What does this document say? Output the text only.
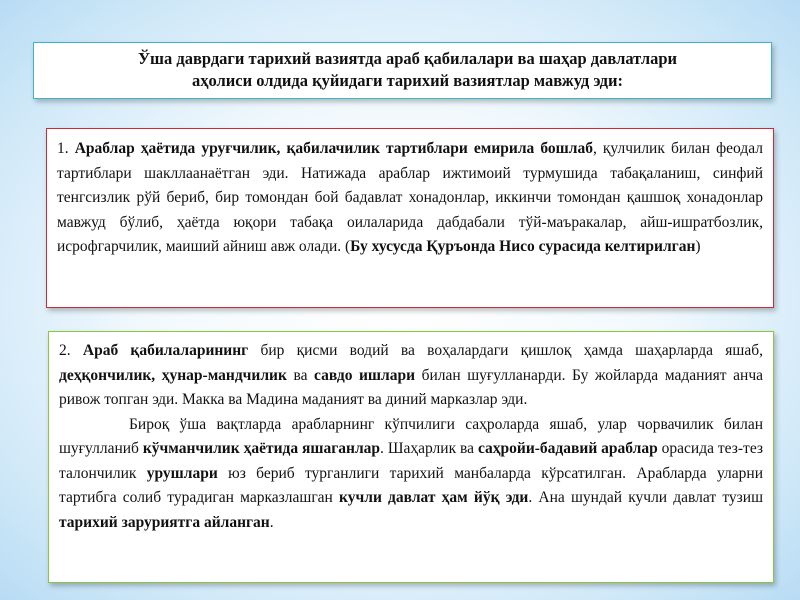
Ўша даврдаги тарихий вазиятда араб қабилалари ва шаҳар давлатлари
аҳолиси олдида қуйидаги тарихий вазиятлар мавжуд эди:

1. Араблар ҳаётида уруғчилик, қабилачилик тартиблари емирила бошлаб, қулчилик билан феодал тартиблари шакллаанаётган эди. Натижада араблар ижтимоий турмушида табақаланиш, синфий тенгсизлик рўй бериб, бир томондан бой бадавлат хонадонлар, иккинчи томондан қашшоқ хонадонлар мавжуд бўлиб, ҳаётда юқори табақа оилаларида дабдабали тўй-маъракалар, айш-ишратбозлик, исрофгарчилик, маиший айниш авж олади. (Бу хусусда Қуръонда Нисо сурасида келтирилган)

2. Араб қабилаларининг бир қисми водий ва воҳалардаги қишлоқ ҳамда шаҳарларда яшаб, деҳқончилик, ҳунар-мандчилик ва савдо ишлари билан шуғулланарди. Бу жойларда маданият анча ривож топган эди. Макка ва Мадина маданият ва диний марказлар эди.

Бироқ ўша вақтларда арабларнинг кўпчилиги саҳроларда яшаб, улар чорвачилик билан шуғулланиб кўчманчилик ҳаётида яшаганлар. Шаҳарлик ва саҳройи-бадавий араблар орасида тез-тез талончилик урушлари юз бериб турганлиги тарихий манбаларда кўрсатилган. Арабларда уларни тартибга солиб турадиган марказлашган кучли давлат ҳам йўқ эди. Ана шундай кучли давлат тузиш тарихий заруриятга айланган.
